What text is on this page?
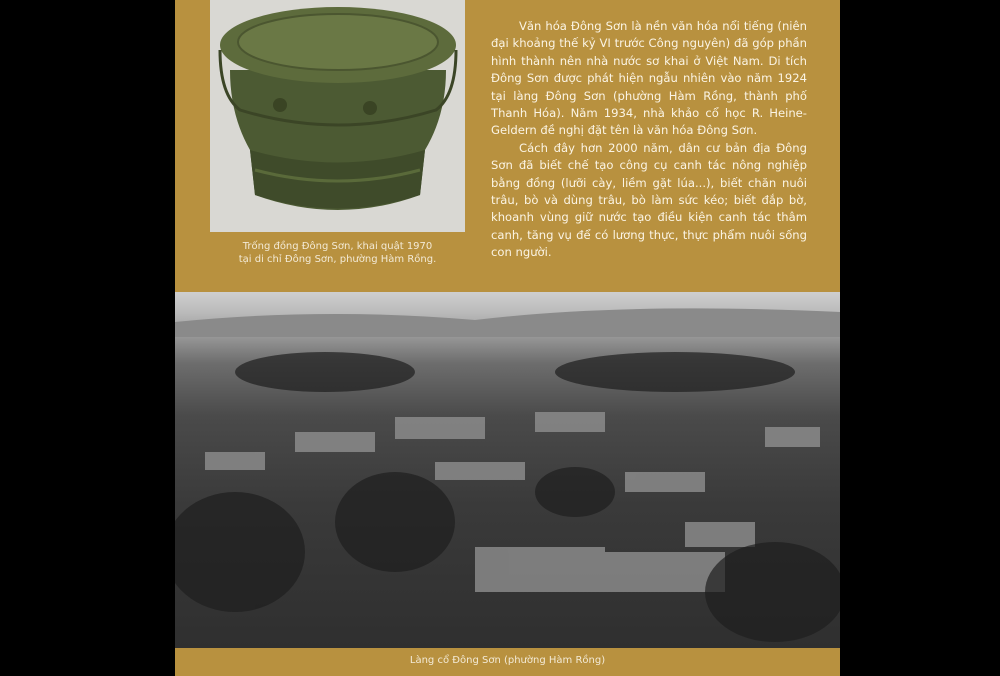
Trống đồng Đông Sơn, khai quật 1970
tại di chỉ Đông Sơn, phường Hàm Rồng.

Văn hóa Đông Sơn là nền văn hóa nổi tiếng (niên đại khoảng thế kỷ VI trước Công nguyên) đã góp phần hình thành nên nhà nước sơ khai ở Việt Nam. Di tích Đông Sơn được phát hiện ngẫu nhiên vào năm 1924 tại làng Đông Sơn (phường Hàm Rồng, thành phố Thanh Hóa). Năm 1934, nhà khảo cổ học R. Heine-Geldern đề nghị đặt tên là văn hóa Đông Sơn.

Cách đây hơn 2000 năm, dân cư bản địa Đông Sơn đã biết chế tạo công cụ canh tác nông nghiệp bằng đồng (lưỡi cày, liềm gặt lúa...), biết chăn nuôi trâu, bò và dùng trâu, bò làm sức kéo; biết đắp bờ, khoanh vùng giữ nước tạo điều kiện canh tác thâm canh, tăng vụ để có lương thực, thực phẩm nuôi sống con người.

Làng cổ Đông Sơn (phường Hàm Rồng)
